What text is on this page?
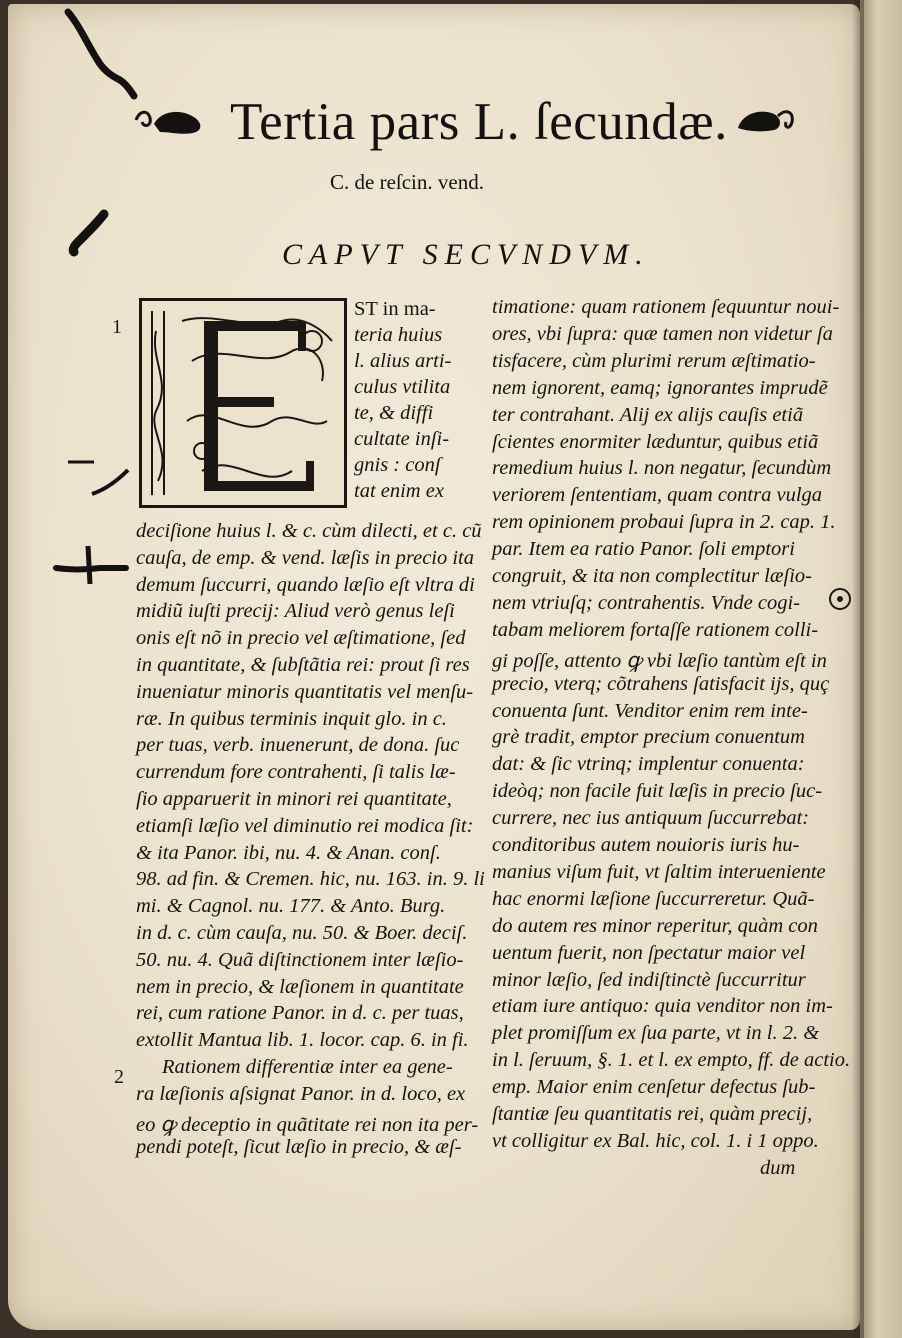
1
2
Tertia pars L. ſecundæ.
C. de reſcin. vend.
CAPVT SECVNDVM.
ST in ma-
teria huius
l. alius arti-
culus vtilita
te, & diffi
cultate inſi-
gnis : conſ
tat enim ex
deciſione huius l. & c. cùm dilecti, et c. cũ
cauſa, de emp. & vend. læſis in precio ita
demum ſuccurri, quando læſio eſt vltra di
midiũ iuſti precij: Aliud verò genus leſi
onis eſt nõ in precio vel æſtimatione, ſed
in quantitate, & ſubſtãtia rei: prout ſi res
inueniatur minoris quantitatis vel menſu-
ræ. In quibus terminis inquit glo. in c.
per tuas, verb. inuenerunt, de dona. ſuc
currendum fore contrahenti, ſi talis læ-
ſio apparuerit in minori rei quantitate,
etiamſi læſio vel diminutio rei modica ſit:
& ita Panor. ibi, nu. 4. & Anan. conſ.
98. ad fin. & Cremen. hic, nu. 163. in. 9. li
mi. & Cagnol. nu. 177. & Anto. Burg.
in d. c. cùm cauſa, nu. 50. & Boer. deciſ.
50. nu. 4. Quã diſtinctionem inter læſio-
nem in precio, & læſionem in quantitate
rei, cum ratione Panor. in d. c. per tuas,
extollit Mantua lib. 1. locor. cap. 6. in fi.
Rationem differentiæ inter ea gene-
ra læſionis aſsignat Panor. in d. loco, ex
eo ꝙ deceptio in quãtitate rei non ita per-
pendi poteſt, ſicut læſio in precio, & æſ-
timatione: quam rationem ſequuntur noui-
ores, vbi ſupra: quæ tamen non videtur ſa
tisfacere, cùm plurimi rerum æſtimatio-
nem ignorent, eamq; ignorantes imprudẽ
ter contrahant. Alij ex alijs cauſis etiã
ſcientes enormiter læduntur, quibus etiã
remedium huius l. non negatur, ſecundùm
veriorem ſententiam, quam contra vulga
rem opinionem probaui ſupra in 2. cap. 1.
par. Item ea ratio Panor. ſoli emptori
congruit, & ita non complectitur læſio-
nem vtriuſq; contrahentis. Vnde cogi-
tabam meliorem fortaſſe rationem colli-
gi poſſe, attento ꝙ vbi læſio tantùm eſt in
precio, vterq; cõtrahens ſatisfacit ijs, quç
conuenta ſunt. Venditor enim rem inte-
grè tradit, emptor precium conuentum
dat: & ſic vtrinq; implentur conuenta:
ideòq; non facile fuit læſis in precio ſuc-
currere, nec ius antiquum ſuccurrebat:
conditoribus autem nouioris iuris hu-
manius viſum fuit, vt ſaltim interueniente
hac enormi læſione ſuccurreretur. Quã-
do autem res minor reperitur, quàm con
uentum fuerit, non ſpectatur maior vel
minor læſio, ſed indiſtinctè ſuccurritur
etiam iure antiquo: quia venditor non im-
plet promiſſum ex ſua parte, vt in l. 2. &
in l. ſeruum, §. 1. et l. ex empto, ff. de actio.
emp. Maior enim cenſetur defectus ſub-
ſtantiæ ſeu quantitatis rei, quàm precij,
vt colligitur ex Bal. hic, col. 1. i 1 oppo.
dum
